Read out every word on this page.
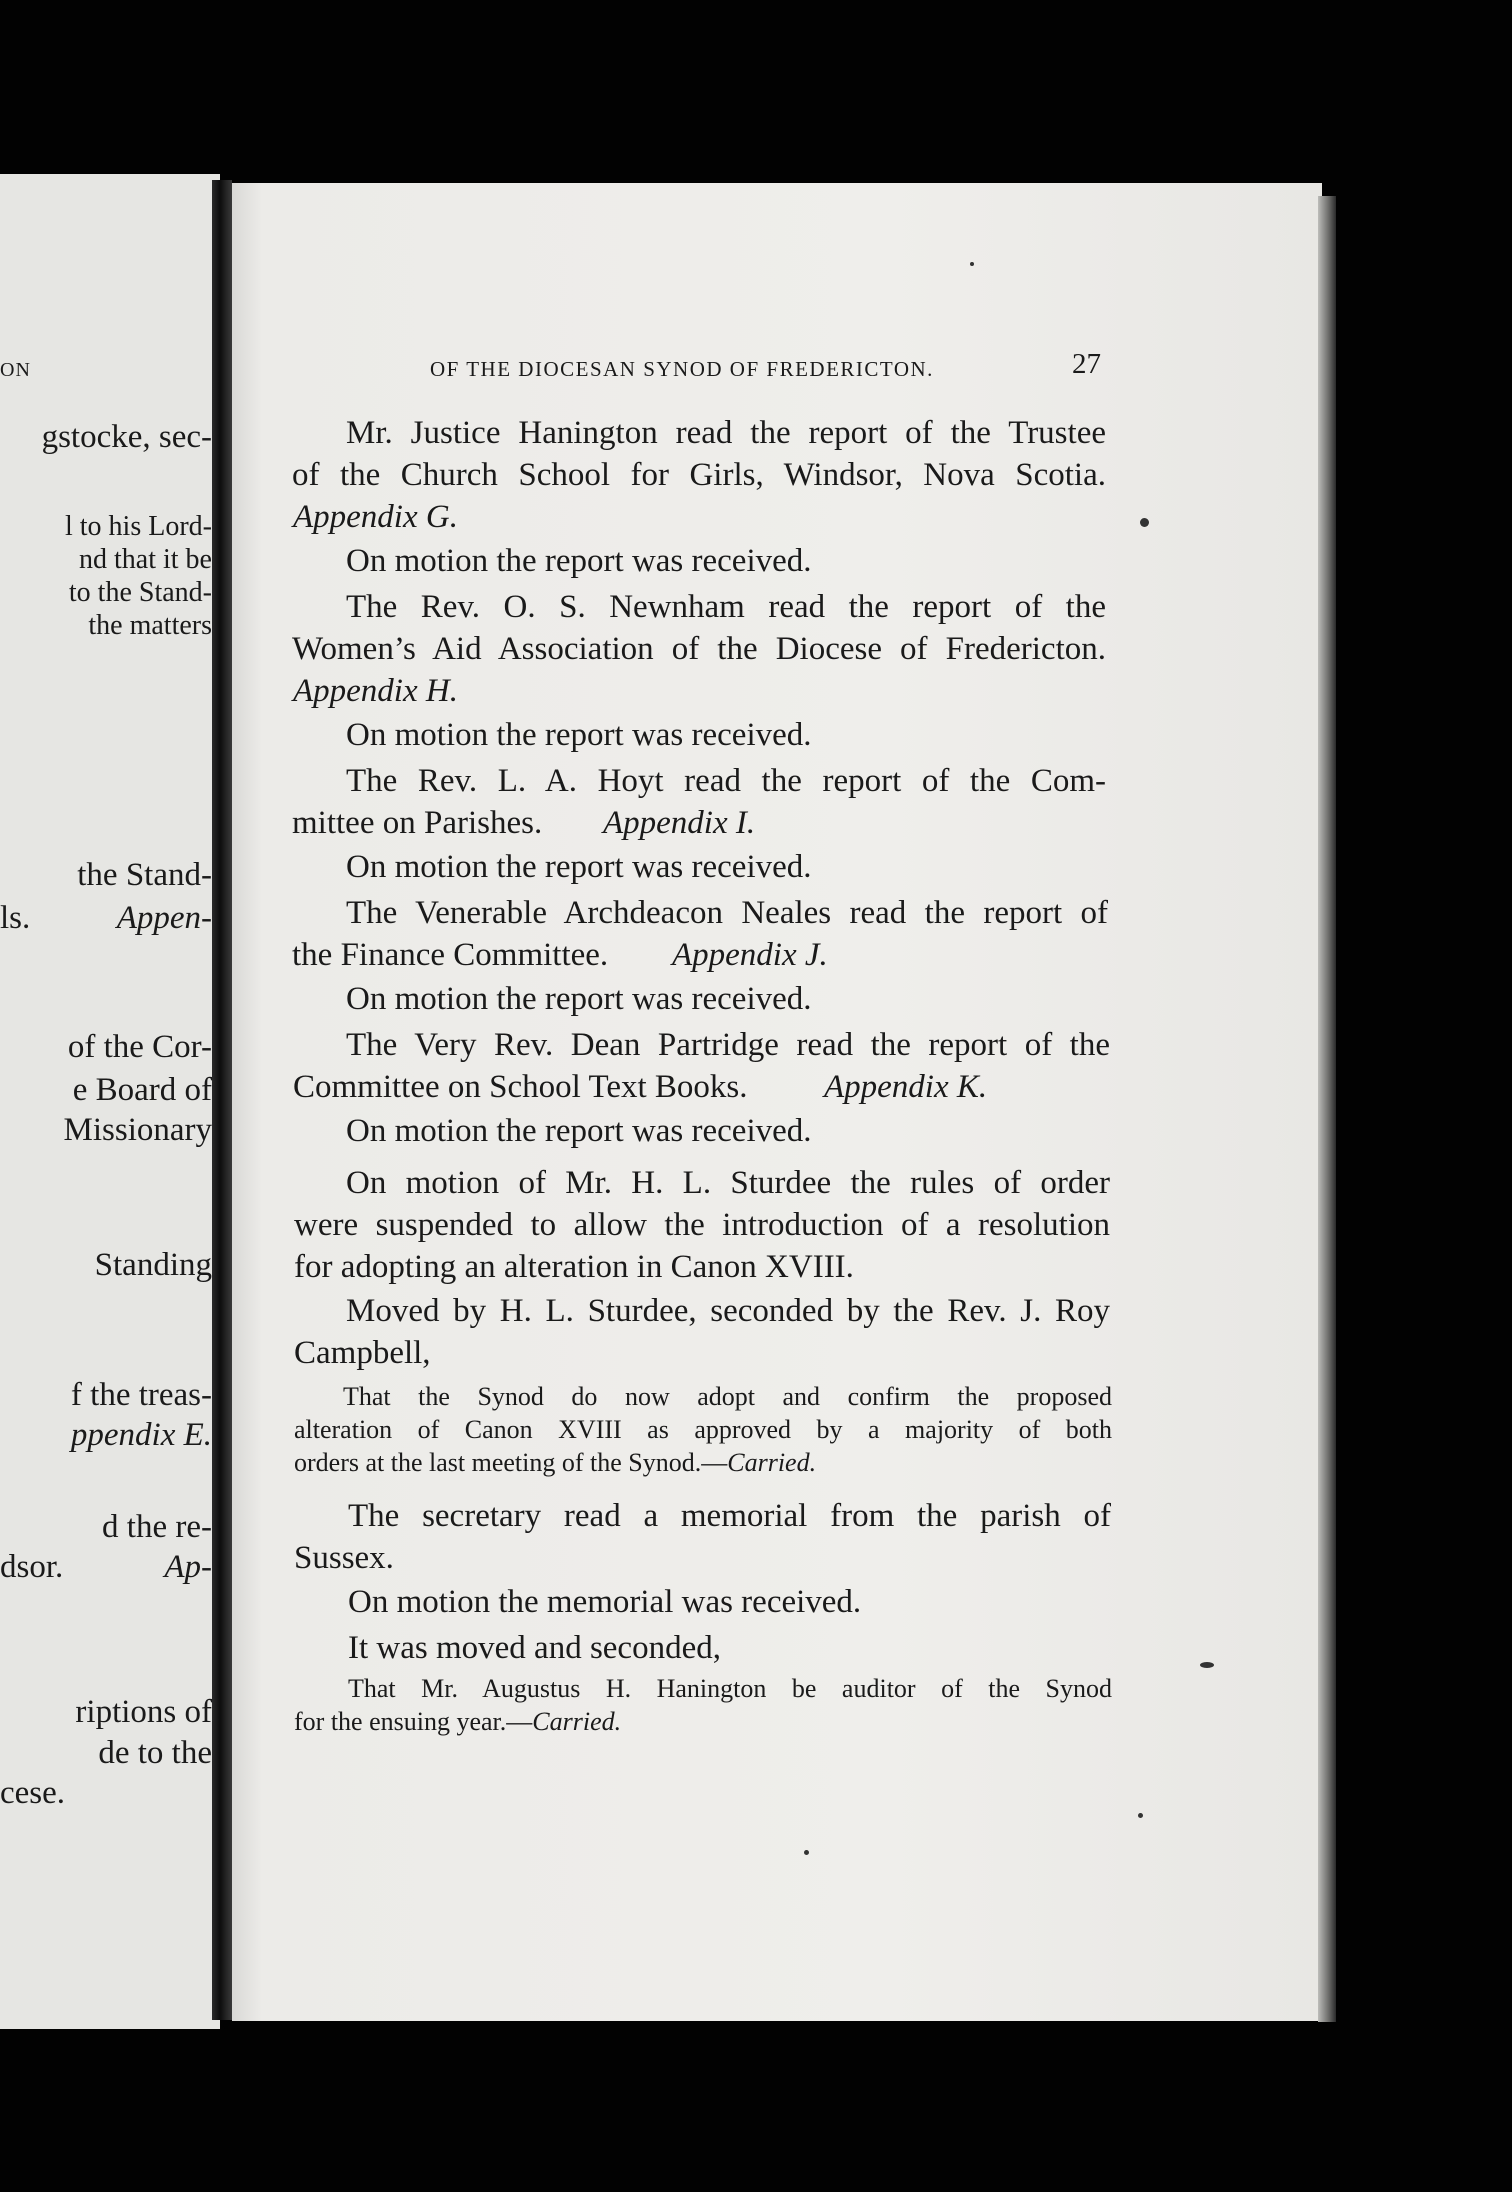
ON
gstocke, sec-
l to his Lord-
nd that it be
to the Stand-
the matters
the Stand-
ls.	Appen-
of the Cor-
e Board of
Missionary
Standing
f the treas-
ppendix E.
d the re-
dsor.	Ap-
riptions of
de to the
cese.
OF THE DIOCESAN SYNOD OF FREDERICTON.	27
Mr. Justice Hanington read the report of the Trustee
of the Church School for Girls, Windsor, Nova Scotia.
Appendix G.
On motion the report was received.
The Rev. O. S. Newnham read the report of the
Women’s Aid Association of the Diocese of Fredericton.
Appendix H.
On motion the report was received.
The Rev. L. A. Hoyt read the report of the Com-
mittee on Parishes. Appendix I.
On motion the report was received.
The Venerable Archdeacon Neales read the report of
the Finance Committee. Appendix J.
On motion the report was received.
The Very Rev. Dean Partridge read the report of the
Committee on School Text Books. Appendix K.
On motion the report was received.
On motion of Mr. H. L. Sturdee the rules of order
were suspended to allow the introduction of a resolution
for adopting an alteration in Canon XVIII.
Moved by H. L. Sturdee, seconded by the Rev. J. Roy
Campbell,
That the Synod do now adopt and confirm the proposed
alteration of Canon XVIII as approved by a majority of both
orders at the last meeting of the Synod.—Carried.
The secretary read a memorial from the parish of
Sussex.
On motion the memorial was received.
It was moved and seconded,
That Mr. Augustus H. Hanington be auditor of the Synod
for the ensuing year.—Carried.
